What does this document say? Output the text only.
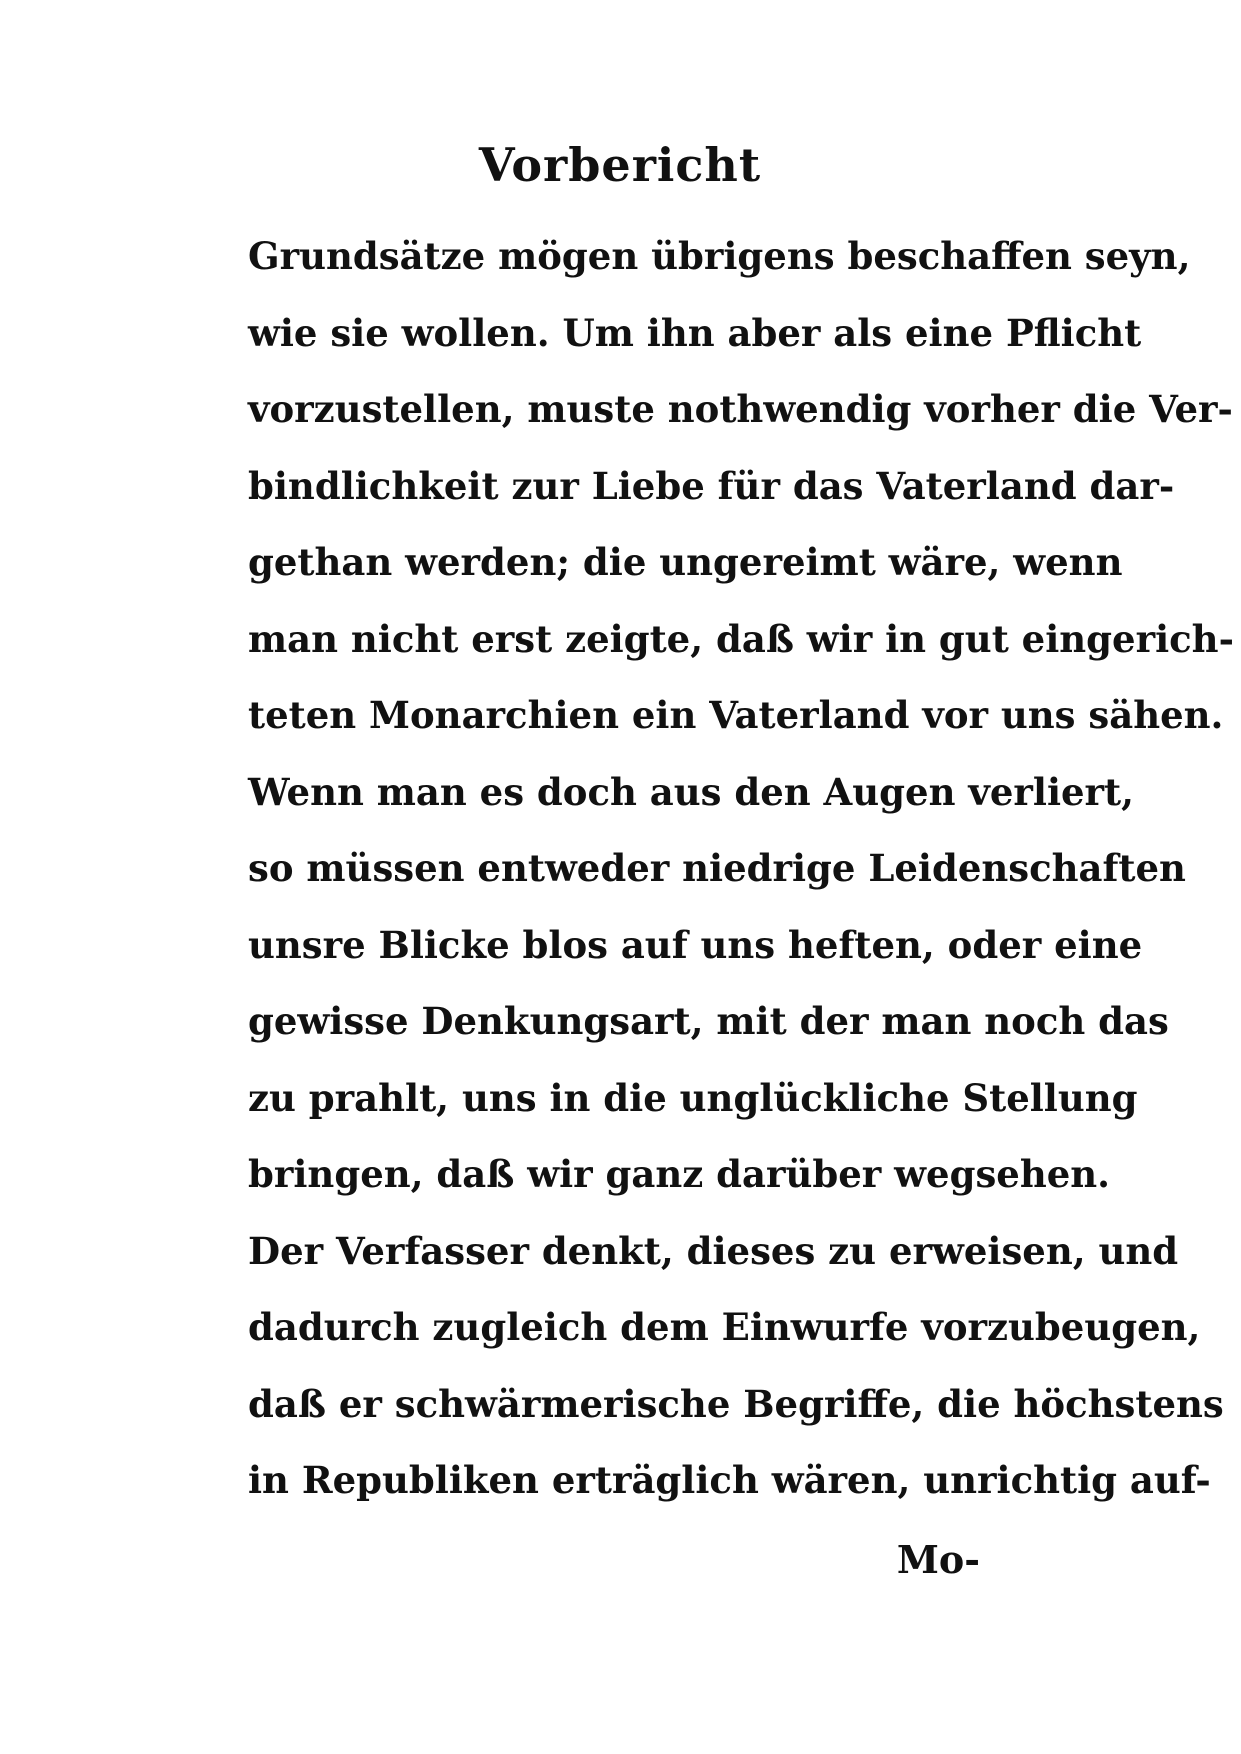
Vorbericht
Grundsätze mögen übrigens beschaffen seyn,
wie sie wollen. Um ihn aber als eine Pflicht
vorzustellen, muste nothwendig vorher die Ver-
bindlichkeit zur Liebe für das Vaterland dar-
gethan werden; die ungereimt wäre, wenn
man nicht erst zeigte, daß wir in gut eingerich-
teten Monarchien ein Vaterland vor uns sähen.
Wenn man es doch aus den Augen verliert,
so müssen entweder niedrige Leidenschaften
unsre Blicke blos auf uns heften, oder eine
gewisse Denkungsart, mit der man noch das
zu prahlt, uns in die unglückliche Stellung
bringen, daß wir ganz darüber wegsehen.
Der Verfasser denkt, dieses zu erweisen, und
dadurch zugleich dem Einwurfe vorzubeugen,
daß er schwärmerische Begriffe, die höchstens
in Republiken erträglich wären, unrichtig auf-
Mo-
